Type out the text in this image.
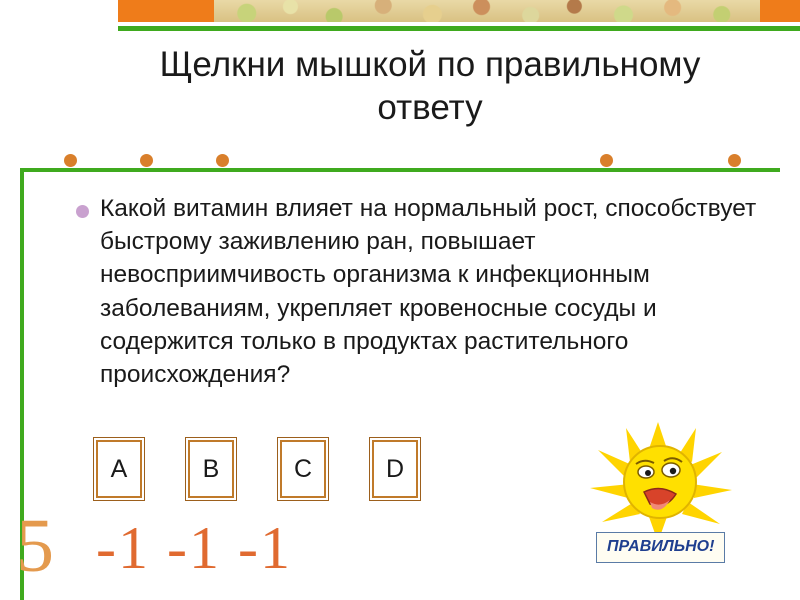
Щелкни мышкой по правильному ответу
Какой витамин влияет на нормальный рост, способствует быстрому заживлению ран, повышает невосприимчивость организма к инфекционным заболеваниям, укрепляет кровеносные сосуды и содержится только в продуктах растительного происхождения?
A	B	C	D
5 -1 -1 -1	ПРАВИЛЬНО!
